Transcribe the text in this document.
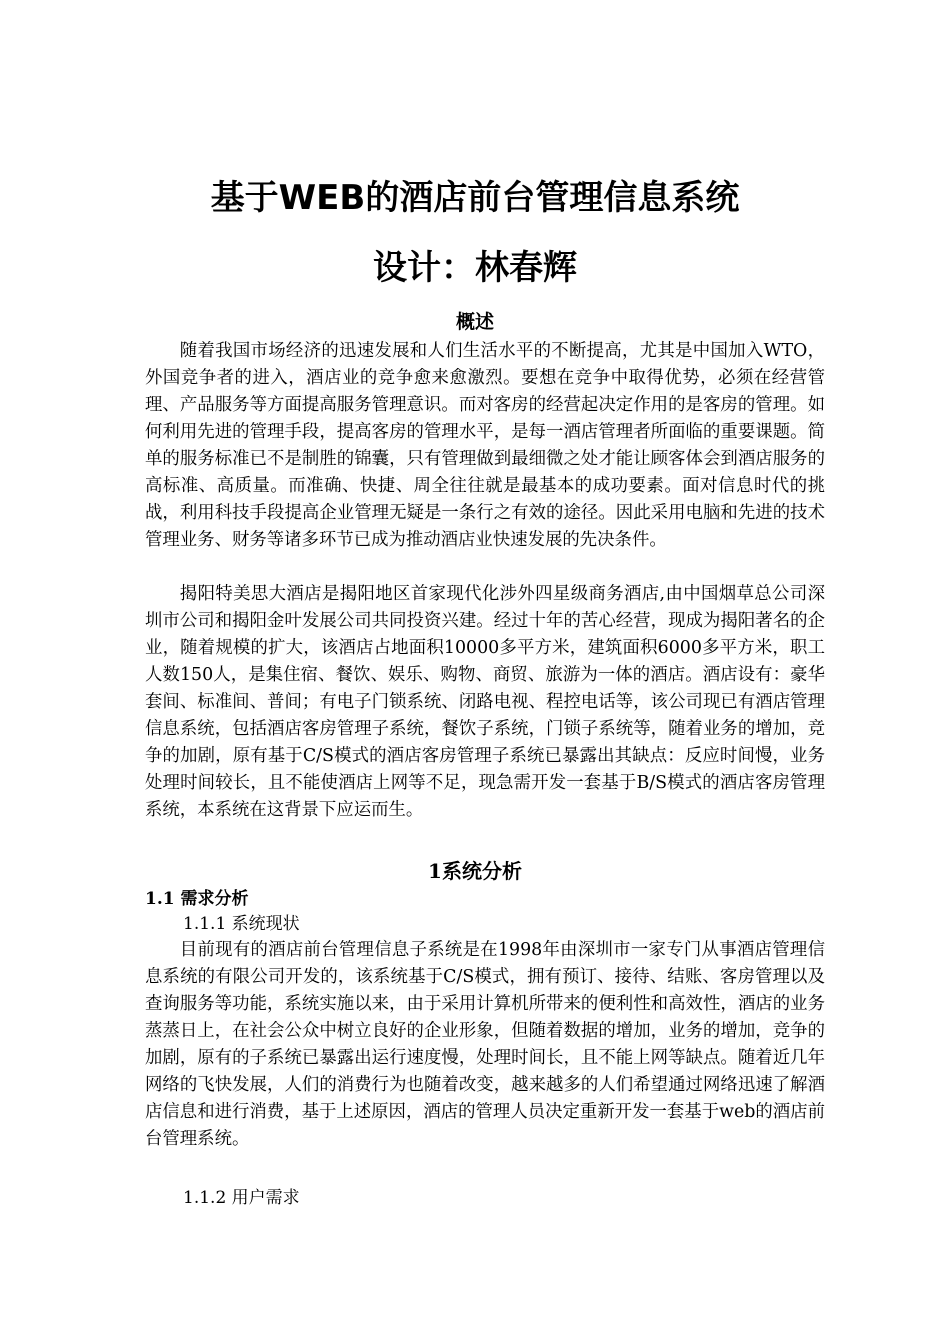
基于WEB的酒店前台管理信息系统
设计：林春辉
概述

随着我国市场经济的迅速发展和人们生活水平的不断提高，尤其是中国加入WTO，外国竞争者的进入，酒店业的竞争愈来愈激烈。要想在竞争中取得优势，必须在经营管理、产品服务等方面提高服务管理意识。而对客房的经营起决定作用的是客房的管理。如何利用先进的管理手段，提高客房的管理水平，是每一酒店管理者所面临的重要课题。简单的服务标准已不是制胜的锦囊，只有管理做到最细微之处才能让顾客体会到酒店服务的高标准、高质量。而准确、快捷、周全往往就是最基本的成功要素。面对信息时代的挑战，利用科技手段提高企业管理无疑是一条行之有效的途径。因此采用电脑和先进的技术管理业务、财务等诸多环节已成为推动酒店业快速发展的先决条件。

揭阳特美思大酒店是揭阳地区首家现代化涉外四星级商务酒店,由中国烟草总公司深圳市公司和揭阳金叶发展公司共同投资兴建。经过十年的苦心经营，现成为揭阳著名的企业，随着规模的扩大，该酒店占地面积10000多平方米，建筑面积6000多平方米，职工人数150人，是集住宿、餐饮、娱乐、购物、商贸、旅游为一体的酒店。酒店设有：豪华套间、标准间、普间；有电子门锁系统、闭路电视、程控电话等，该公司现已有酒店管理信息系统，包括酒店客房管理子系统，餐饮子系统，门锁子系统等，随着业务的增加，竞争的加剧，原有基于C/S模式的酒店客房管理子系统已暴露出其缺点：反应时间慢，业务处理时间较长，且不能使酒店上网等不足，现急需开发一套基于B/S模式的酒店客房管理系统，本系统在这背景下应运而生。

1系统分析
1.1 需求分析
1.1.1 系统现状

目前现有的酒店前台管理信息子系统是在1998年由深圳市一家专门从事酒店管理信息系统的有限公司开发的，该系统基于C/S模式，拥有预订、接待、结账、客房管理以及查询服务等功能，系统实施以来，由于采用计算机所带来的便利性和高效性，酒店的业务蒸蒸日上，在社会公众中树立良好的企业形象，但随着数据的增加，业务的增加，竞争的加剧，原有的子系统已暴露出运行速度慢，处理时间长，且不能上网等缺点。随着近几年网络的飞快发展，人们的消费行为也随着改变，越来越多的人们希望通过网络迅速了解酒店信息和进行消费，基于上述原因，酒店的管理人员决定重新开发一套基于web的酒店前台管理系统。

1.1.2 用户需求
